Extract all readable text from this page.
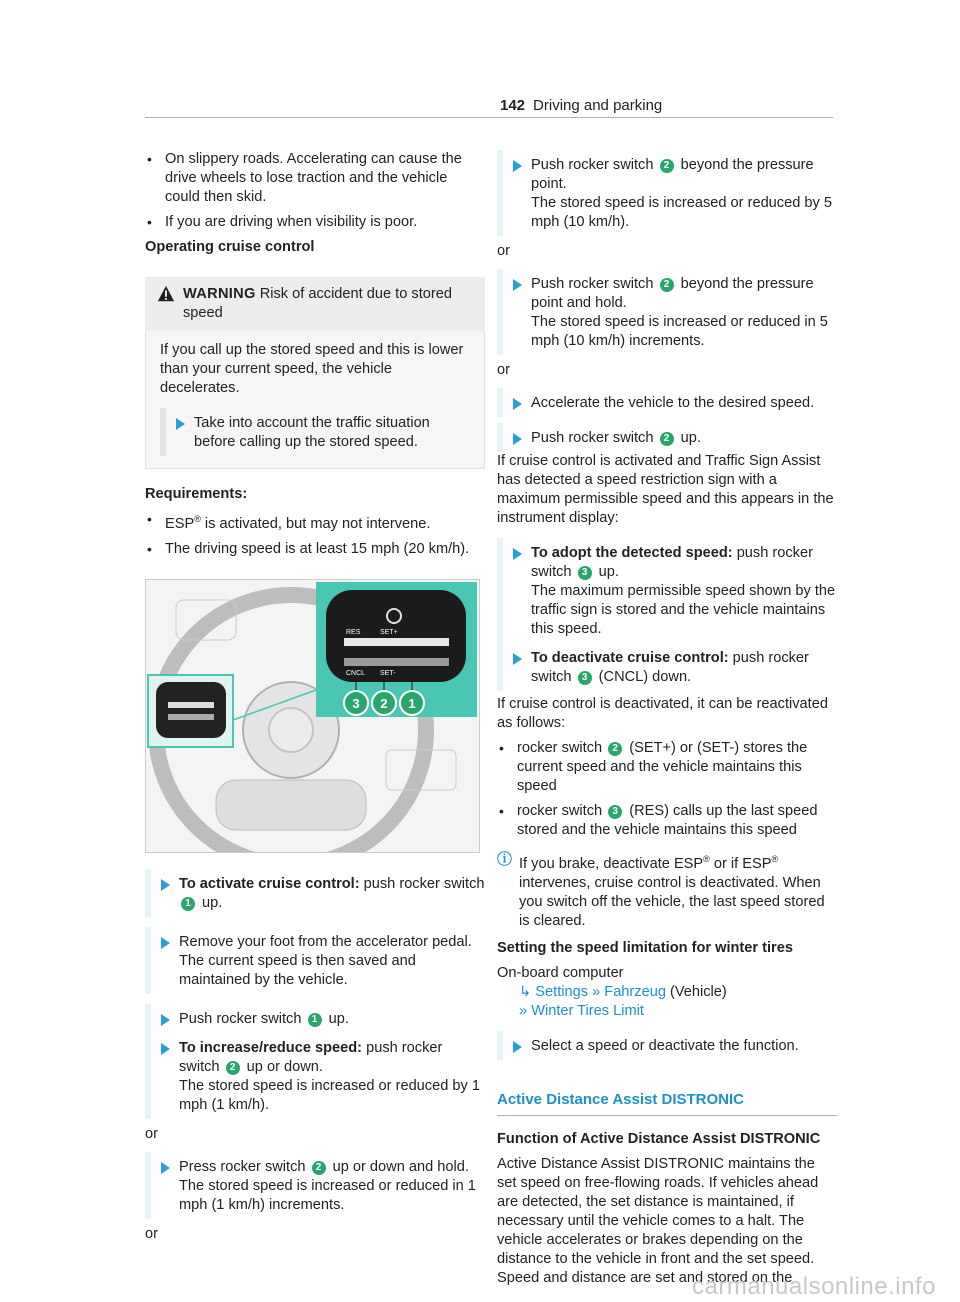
142 Driving and parking

• On slippery roads. Accelerating can cause the drive wheels to lose traction and the vehicle could then skid.

• If you are driving when visibility is poor.

Operating cruise control

WARNING Risk of accident due to stored speed

If you call up the stored speed and this is lower than your current speed, the vehicle decelerates.

Take into account the traffic situation before calling up the stored speed.

Requirements:

• ESP® is activated, but may not intervene.

• The driving speed is at least 15 mph (20 km/h).

RES	SET+
CNCL SET-
3 2 1
To activate cruise control: push rocker switch 1 up.
Remove your foot from the accelerator pedal. The current speed is then saved and maintained by the vehicle.
Push rocker switch 1 up.
To increase/reduce speed: push rocker switch 2 up or down.
The stored speed is increased or reduced by 1 mph (1 km/h).

or

Press rocker switch 2 up or down and hold.
The stored speed is increased or reduced in 1 mph (1 km/h) increments.

or

Push rocker switch 2 beyond the pressure point.
The stored speed is increased or reduced by 5 mph (10 km/h).

or

Push rocker switch 2 beyond the pressure point and hold.
The stored speed is increased or reduced in 5 mph (10 km/h) increments.

or

Accelerate the vehicle to the desired speed.
Push rocker switch 2 up.

If cruise control is activated and Traffic Sign Assist has detected a speed restriction sign with a maximum permissible speed and this appears in the instrument display:

To adopt the detected speed: push rocker switch 3 up.
The maximum permissible speed shown by the traffic sign is stored and the vehicle maintains this speed.
To deactivate cruise control: push rocker switch 3 (CNCL) down.

If cruise control is deactivated, it can be reactivated as follows:

• rocker switch 2 (SET+) or (SET-) stores the current speed and the vehicle maintains this speed

• rocker switch 3 (RES) calls up the last speed stored and the vehicle maintains this speed

ⓘ If you brake, deactivate ESP® or if ESP® intervenes, cruise control is deactivated. When you switch off the vehicle, the last speed stored is cleared.

Setting the speed limitation for winter tires

On-board computer

↳ Settings » Fahrzeug (Vehicle)

» Winter Tires Limit

Select a speed or deactivate the function.
Active Distance Assist DISTRONIC

Function of Active Distance Assist DISTRONIC

Active Distance Assist DISTRONIC maintains the set speed on free-flowing roads. If vehicles ahead are detected, the set distance is maintained, if necessary until the vehicle comes to a halt. The vehicle accelerates or brakes depending on the distance to the vehicle in front and the set speed. Speed and distance are set and stored on the

carmanualsonline.info
